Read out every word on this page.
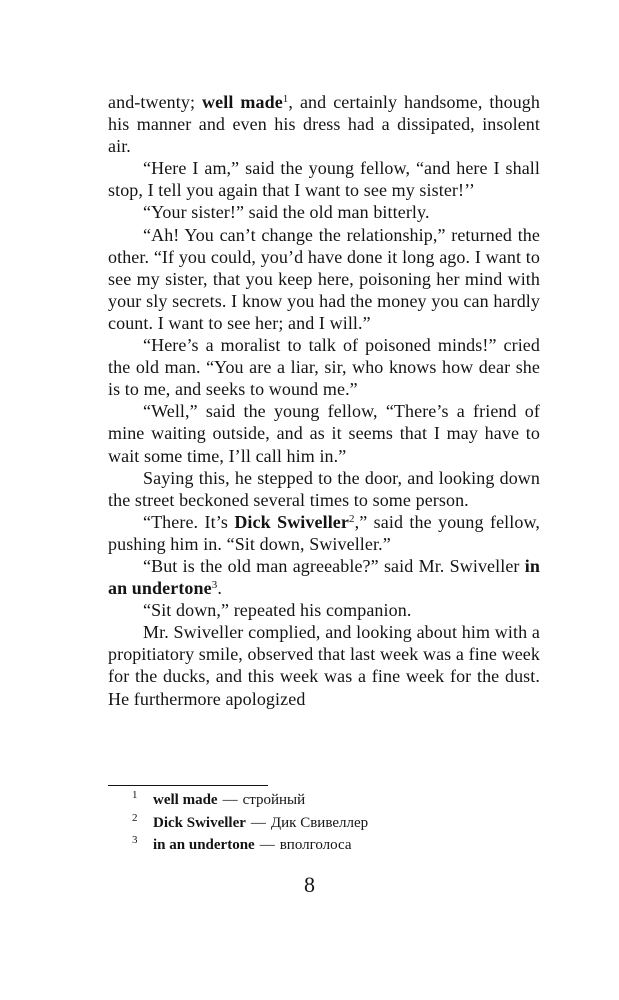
and-twenty; well made$^1$, and certainly handsome, though his manner and even his dress had a dissipated, insolent air.

“Here I am,” said the young fellow, “and here I shall stop, I tell you again that I want to see my sister!’’

“Your sister!” said the old man bitterly.

“Ah! You can’t change the relationship,” returned the other. “If you could, you’d have done it long ago. I want to see my sister, that you keep here, poisoning her mind with your sly secrets. I know you had the money you can hardly count. I want to see her; and I will.”

“Here’s a moralist to talk of poisoned minds!” cried the old man. “You are a liar, sir, who knows how dear she is to me, and seeks to wound me.”

“Well,” said the young fellow, “There’s a friend of mine waiting outside, and as it seems that I may have to wait some time, I’ll call him in.”

Saying this, he stepped to the door, and looking down the street beckoned several times to some person.

“There. It’s Dick Swiveller$^2$,” said the young fellow, pushing him in. “Sit down, Swiveller.”

“But is the old man agreeable?” said Mr. Swiveller in an undertone$^3$.

“Sit down,” repeated his companion.

Mr. Swiveller complied, and looking about him with a propitiatory smile, observed that last week was a fine week for the ducks, and this week was a fine week for the dust. He furthermore apologized

1 well made — стройный
2 Dick Swiveller — Дик Свивеллер
3 in an undertone — вполголоса
8
